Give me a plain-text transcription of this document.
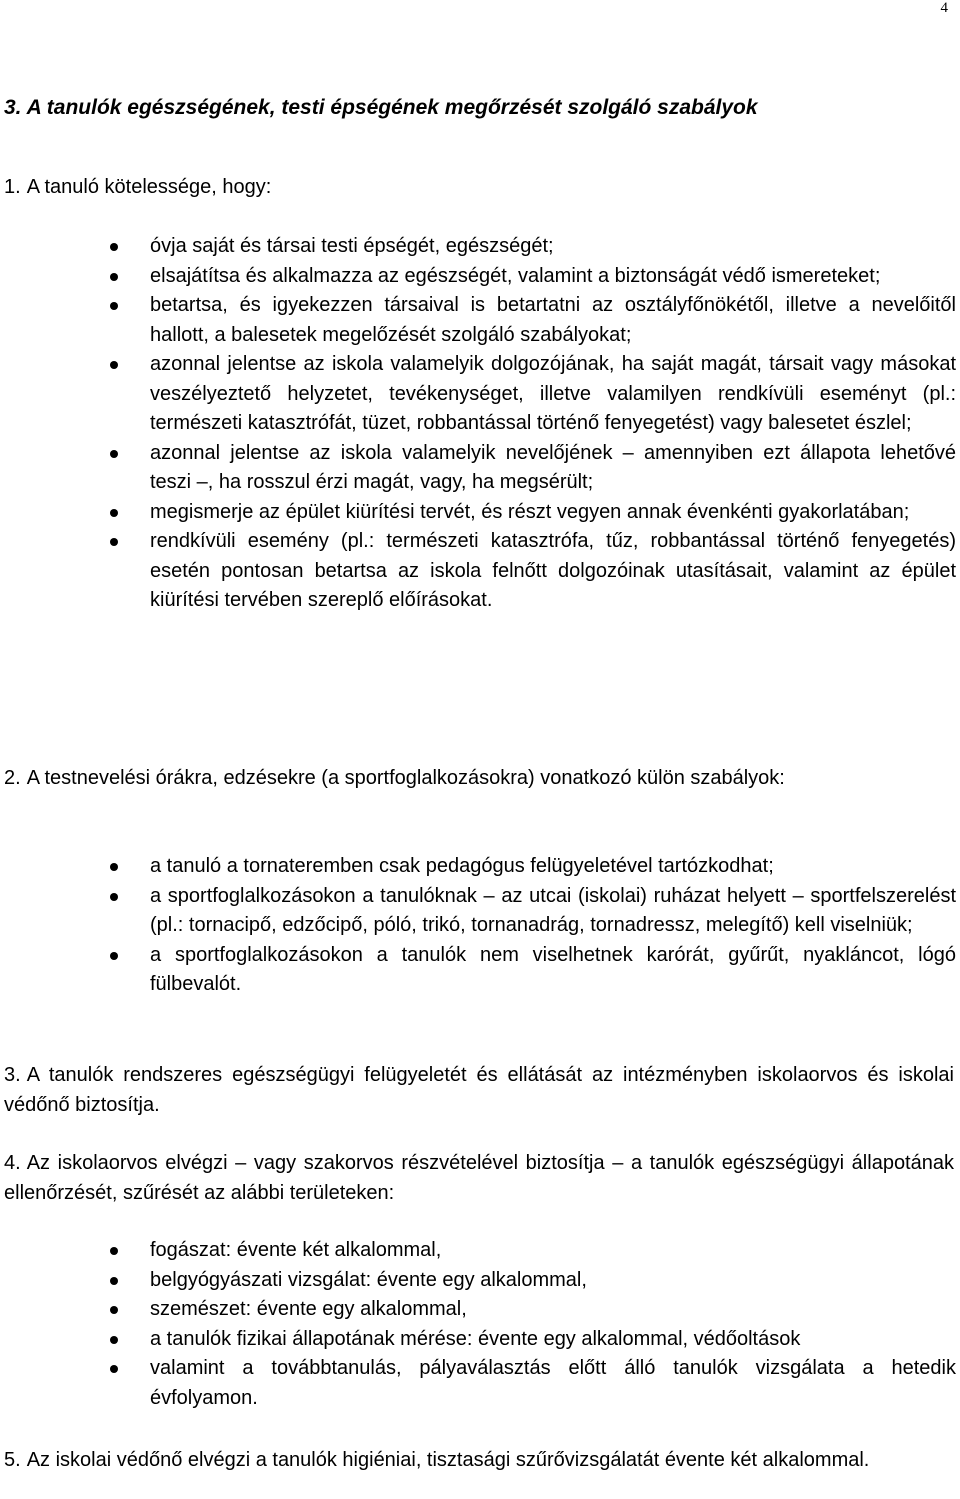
4
3. A tanulók egészségének, testi épségének megőrzését szolgáló szabályok
1. A tanuló kötelessége, hogy:
óvja saját és társai testi épségét, egészségét;
elsajátítsa és alkalmazza az egészségét, valamint a biztonságát védő ismereteket;
betartsa, és igyekezzen társaival is betartatni az osztályfőnökétől, illetve a nevelőitől hallott, a balesetek megelőzését szolgáló szabályokat;
azonnal jelentse az iskola valamelyik dolgozójának, ha saját magát, társait vagy másokat veszélyeztető helyzetet, tevékenységet, illetve valamilyen rendkívüli eseményt (pl.: természeti katasztrófát, tüzet, robbantással történő fenyegetést) vagy balesetet észlel;
azonnal jelentse az iskola valamelyik nevelőjének ‒ amennyiben ezt állapota lehetővé teszi ‒, ha rosszul érzi magát, vagy, ha megsérült;
megismerje az épület kiürítési tervét, és részt vegyen annak évenkénti gyakorlatában;
rendkívüli esemény (pl.: természeti katasztrófa, tűz, robbantással történő fenyegetés) esetén pontosan betartsa az iskola felnőtt dolgozóinak utasításait, valamint az épület kiürítési tervében szereplő előírásokat.
2. A testnevelési órákra, edzésekre (a sportfoglalkozásokra) vonatkozó külön szabályok:
a tanuló a tornateremben csak pedagógus felügyeletével tartózkodhat;
a sportfoglalkozásokon a tanulóknak ‒ az utcai (iskolai) ruházat helyett ‒ sportfelszerelést (pl.: tornacipő, edzőcipő, póló, trikó, tornanadrág, tornadressz, melegítő) kell viselniük;
a sportfoglalkozásokon a tanulók nem viselhetnek karórát, gyűrűt, nyakláncot, lógó fülbevalót.
3. A tanulók rendszeres egészségügyi felügyeletét és ellátását az intézményben iskolaorvos és iskolai védőnő biztosítja.
4. Az iskolaorvos elvégzi ‒ vagy szakorvos részvételével biztosítja ‒ a tanulók egészségügyi állapotának ellenőrzését, szűrését az alábbi területeken:
fogászat: évente két alkalommal,
belgyógyászati vizsgálat: évente egy alkalommal,
szemészet: évente egy alkalommal,
a tanulók fizikai állapotának mérése: évente egy alkalommal, védőoltások
valamint a továbbtanulás, pályaválasztás előtt álló tanulók vizsgálata a hetedik évfolyamon.
5. Az iskolai védőnő elvégzi a tanulók higiéniai, tisztasági szűrővizsgálatát évente két alkalommal.
